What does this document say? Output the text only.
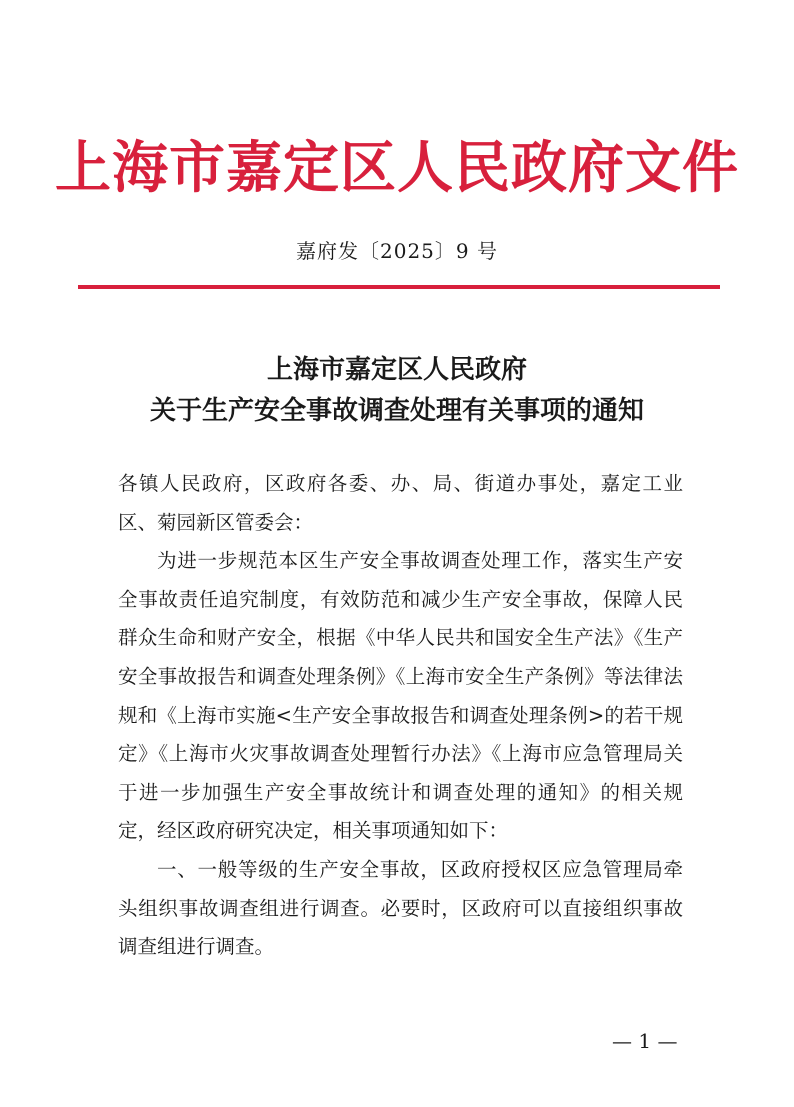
上海市嘉定区人民政府文件
嘉府发〔2025〕9 号
上海市嘉定区人民政府
关于生产安全事故调查处理有关事项的通知

各镇人民政府，区政府各委、办、局、街道办事处，嘉定工业区、菊园新区管委会：

为进一步规范本区生产安全事故调查处理工作，落实生产安全事故责任追究制度，有效防范和减少生产安全事故，保障人民群众生命和财产安全，根据《中华人民共和国安全生产法》《生产安全事故报告和调查处理条例》《上海市安全生产条例》等法律法规和《上海市实施<生产安全事故报告和调查处理条例>的若干规定》《上海市火灾事故调查处理暂行办法》《上海市应急管理局关于进一步加强生产安全事故统计和调查处理的通知》的相关规定，经区政府研究决定，相关事项通知如下：

一、一般等级的生产安全事故，区政府授权区应急管理局牵头组织事故调查组进行调查。必要时，区政府可以直接组织事故调查组进行调查。

— 1 —
